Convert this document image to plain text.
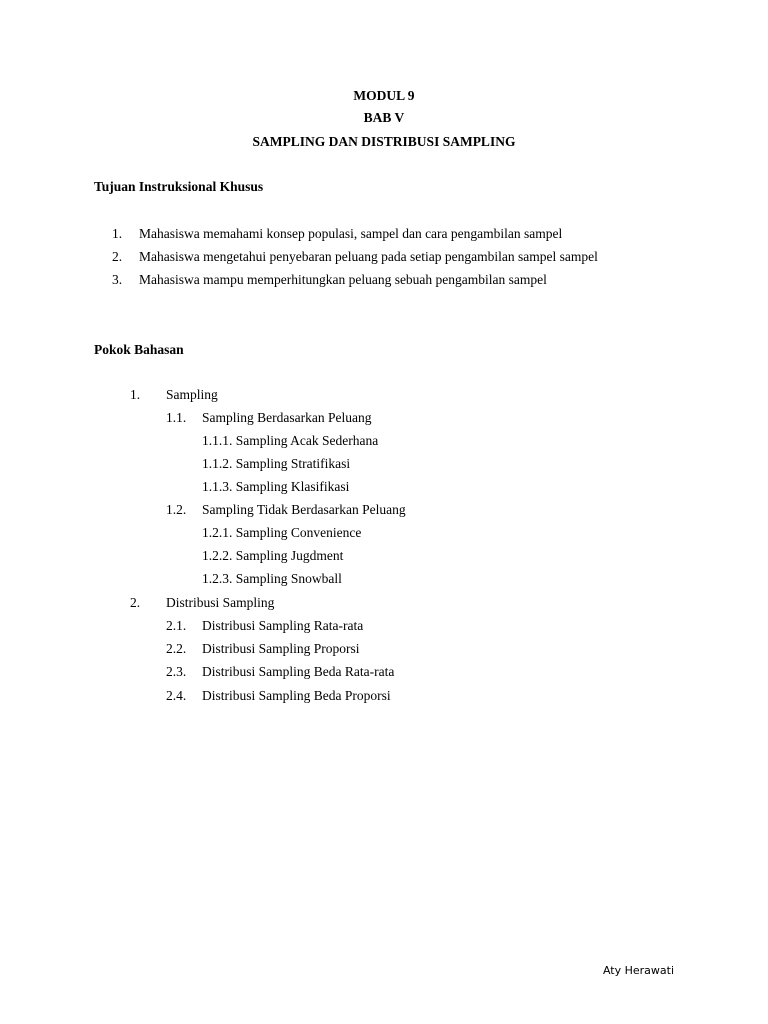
MODUL 9
BAB V
SAMPLING DAN DISTRIBUSI SAMPLING
Tujuan Instruksional Khusus
1. Mahasiswa memahami konsep populasi, sampel dan cara pengambilan sampel
2. Mahasiswa mengetahui penyebaran peluang pada setiap pengambilan sampel sampel
3. Mahasiswa mampu memperhitungkan peluang sebuah pengambilan sampel
Pokok Bahasan
1. Sampling
1.1. Sampling Berdasarkan Peluang
1.1.1. Sampling Acak Sederhana
1.1.2. Sampling Stratifikasi
1.1.3. Sampling Klasifikasi
1.2. Sampling Tidak Berdasarkan Peluang
1.2.1. Sampling Convenience
1.2.2. Sampling Jugdment
1.2.3. Sampling Snowball
2. Distribusi Sampling
2.1. Distribusi Sampling Rata-rata
2.2. Distribusi Sampling Proporsi
2.3. Distribusi Sampling Beda Rata-rata
2.4. Distribusi Sampling Beda Proporsi
Aty Herawati
